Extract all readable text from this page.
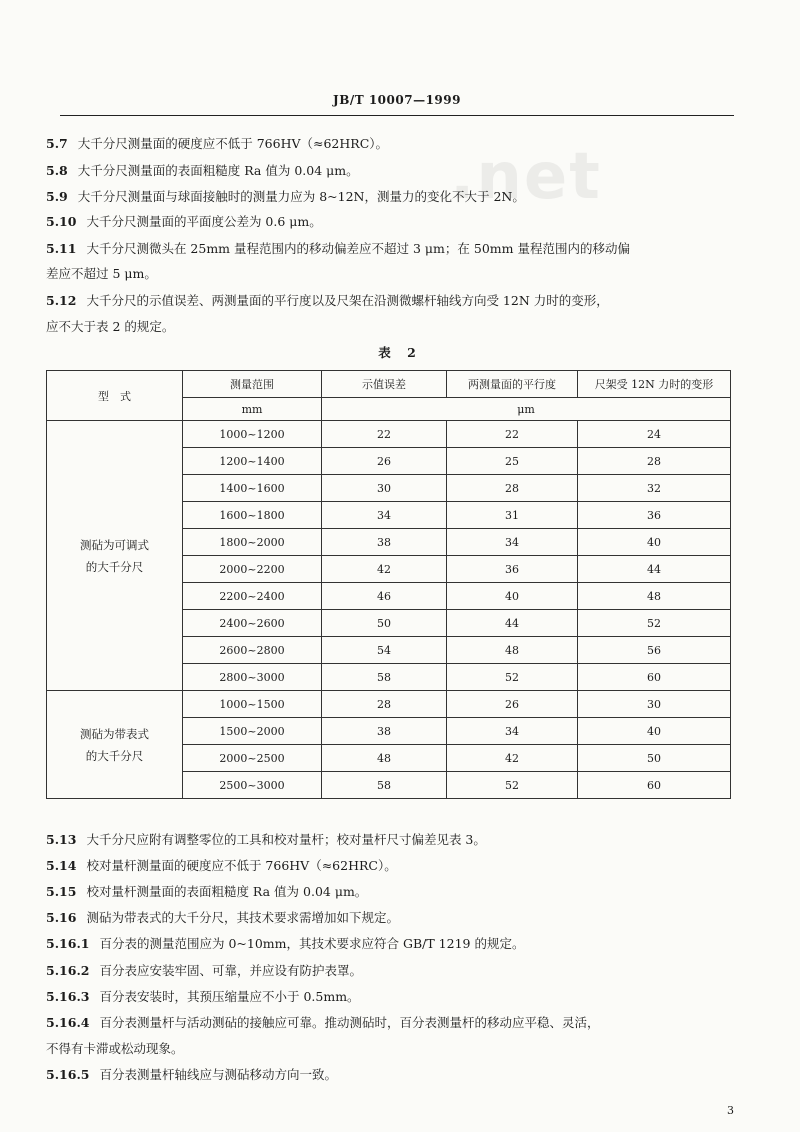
.net
JB/T 10007—1999
5.7 大千分尺测量面的硬度应不低于 766HV（≈62HRC）。
5.8 大千分尺测量面的表面粗糙度 Ra 值为 0.04 μm。
5.9 大千分尺测量面与球面接触时的测量力应为 8~12N，测量力的变化不大于 2N。
5.10 大千分尺测量面的平面度公差为 0.6 μm。
5.11 大千分尺测微头在 25mm 量程范围内的移动偏差应不超过 3 μm；在 50mm 量程范围内的移动偏
差应不超过 5 μm。
5.12 大千分尺的示值误差、两测量面的平行度以及尺架在沿测微螺杆轴线方向受 12N 力时的变形，
应不大于表 2 的规定。
表 2
型　式	测量范围	示值误差	两测量面的平行度	尺架受 12N 力时的变形
	mm	μm		

测砧为可调式
的大千分尺	1000~1200	22	22	24
	1200~1400	26	25	28
	1400~1600	30	28	32
	1600~1800	34	31	36
	1800~2000	38	34	40
	2000~2200	42	36	44
	2200~2400	46	40	48
	2400~2600	50	44	52
	2600~2800	54	48	56
	2800~3000	58	52	60

测砧为带表式
的大千分尺	1000~1500	28	26	30
	1500~2000	38	34	40
	2000~2500	48	42	50
	2500~3000	58	52	60
5.13 大千分尺应附有调整零位的工具和校对量杆；校对量杆尺寸偏差见表 3。
5.14 校对量杆测量面的硬度应不低于 766HV（≈62HRC）。
5.15 校对量杆测量面的表面粗糙度 Ra 值为 0.04 μm。
5.16 测砧为带表式的大千分尺，其技术要求需增加如下规定。
5.16.1 百分表的测量范围应为 0~10mm，其技术要求应符合 GB/T 1219 的规定。
5.16.2 百分表应安装牢固、可靠，并应设有防护表罩。
5.16.3 百分表安装时，其预压缩量应不小于 0.5mm。
5.16.4 百分表测量杆与活动测砧的接触应可靠。推动测砧时，百分表测量杆的移动应平稳、灵活，
不得有卡滞或松动现象。
5.16.5 百分表测量杆轴线应与测砧移动方向一致。
3
